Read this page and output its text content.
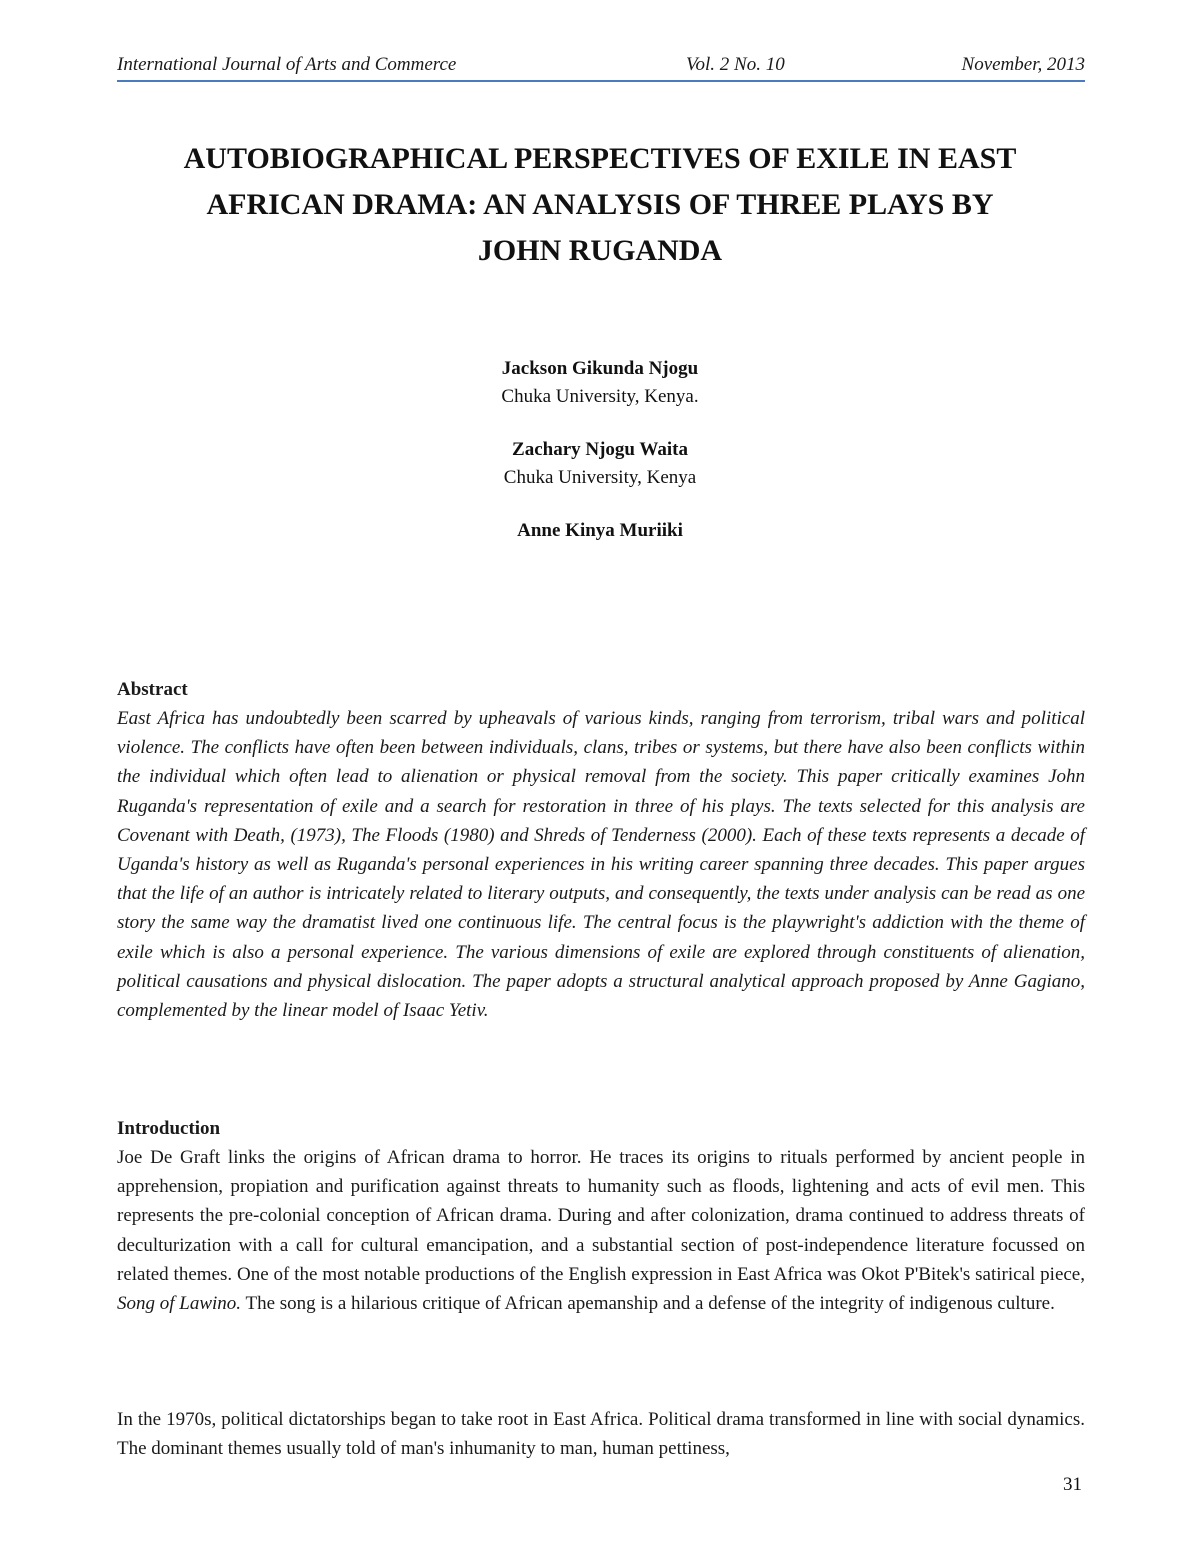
International Journal of Arts and Commerce	Vol. 2 No. 10	November, 2013
AUTOBIOGRAPHICAL PERSPECTIVES OF EXILE IN EAST
AFRICAN DRAMA: AN ANALYSIS OF THREE PLAYS BY
JOHN RUGANDA
Jackson Gikunda Njogu
Chuka University, Kenya.
Zachary Njogu Waita
Chuka University, Kenya
Anne Kinya Muriiki
Abstract
East Africa has undoubtedly been scarred by upheavals of various kinds, ranging from terrorism, tribal wars and political violence. The conflicts have often been between individuals, clans, tribes or systems, but there have also been conflicts within the individual which often lead to alienation or physical removal from the society. This paper critically examines John Ruganda's representation of exile and a search for restoration in three of his plays. The texts selected for this analysis are Covenant with Death, (1973), The Floods (1980) and Shreds of Tenderness (2000). Each of these texts represents a decade of Uganda's history as well as Ruganda's personal experiences in his writing career spanning three decades. This paper argues that the life of an author is intricately related to literary outputs, and consequently, the texts under analysis can be read as one story the same way the dramatist lived one continuous life. The central focus is the playwright's addiction with the theme of exile which is also a personal experience. The various dimensions of exile are explored through constituents of alienation, political causations and physical dislocation. The paper adopts a structural analytical approach proposed by Anne Gagiano, complemented by the linear model of Isaac Yetiv.
Introduction

Joe De Graft links the origins of African drama to horror. He traces its origins to rituals performed by ancient people in apprehension, propiation and purification against threats to humanity such as floods, lightening and acts of evil men. This represents the pre-colonial conception of African drama. During and after colonization, drama continued to address threats of deculturization with a call for cultural emancipation, and a substantial section of post-independence literature focussed on related themes. One of the most notable productions of the English expression in East Africa was Okot P'Bitek's satirical piece, Song of Lawino. The song is a hilarious critique of African apemanship and a defense of the integrity of indigenous culture.

In the 1970s, political dictatorships began to take root in East Africa. Political drama transformed in line with social dynamics. The dominant themes usually told of man's inhumanity to man, human pettiness,

31
